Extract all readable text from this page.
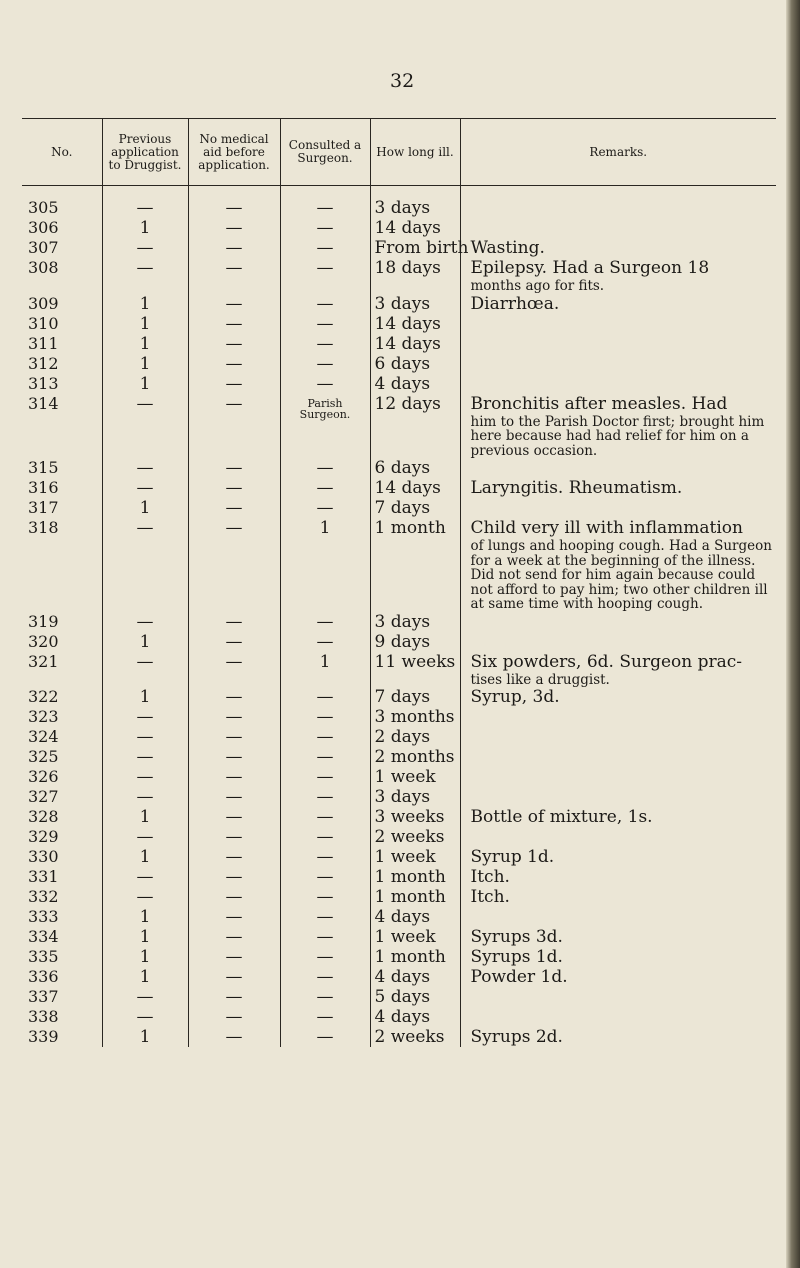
32
No.	Previous application to Druggist.	No medical aid before application.	Consulted a Surgeon.	How long ill.	Remarks.
305	—	—	—	3 days	

306	1	—	—	14 days	

307	—	—	—	From birth	Wasting.

308	—	—	—	18 days	Epilepsy. Had a Surgeon 18
months ago for fits.

309	1	—	—	3 days	Diarrhœa.

310	1	—	—	14 days	

311	1	—	—	14 days	

312	1	—	—	6 days	

313	1	—	—	4 days	

314	—	—	Parish Surgeon.	12 days	Bronchitis after measles. Had
him to the Parish Doctor first; brought him here because had had relief for him on a previous occasion.

315	—	—	—	6 days	

316	—	—	—	14 days	Laryngitis. Rheumatism.

317	1	—	—	7 days	

318	—	—	1	1 month	Child very ill with inflammation
of lungs and hooping cough. Had a Surgeon for a week at the beginning of the illness. Did not send for him again because could not afford to pay him; two other children ill at same time with hooping cough.

319	—	—	—	3 days	

320	1	—	—	9 days	

321	—	—	1	11 weeks	Six powders, 6d. Surgeon prac-
tises like a druggist.

322	1	—	—	7 days	Syrup, 3d.

323	—	—	—	3 months	

324	—	—	—	2 days	

325	—	—	—	2 months	

326	—	—	—	1 week	

327	—	—	—	3 days	

328	1	—	—	3 weeks	Bottle of mixture, 1s.

329	—	—	—	2 weeks	

330	1	—	—	1 week	Syrup 1d.

331	—	—	—	1 month	Itch.

332	—	—	—	1 month	Itch.

333	1	—	—	4 days	

334	1	—	—	1 week	Syrups 3d.

335	1	—	—	1 month	Syrups 1d.

336	1	—	—	4 days	Powder 1d.

337	—	—	—	5 days	

338	—	—	—	4 days	

339	1	—	—	2 weeks	Syrups 2d.
